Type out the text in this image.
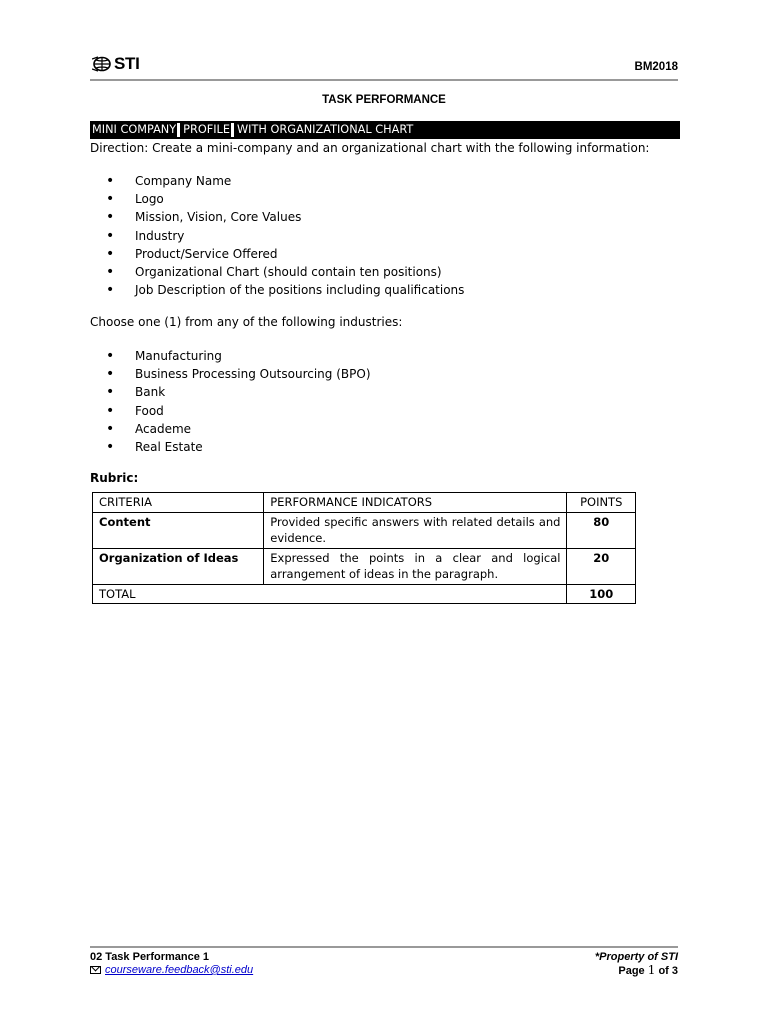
STI	BM2018
TASK PERFORMANCE
MINI COMPANY PROFILE WITH ORGANIZATIONAL CHART
Direction: Create a mini-company and an organizational chart with the following information:
• Company Name
• Logo
• Mission, Vision, Core Values
• Industry
• Product/Service Offered
• Organizational Chart (should contain ten positions)
• Job Description of the positions including qualifications
Choose one (1) from any of the following industries:
• Manufacturing
• Business Processing Outsourcing (BPO)
• Bank
• Food
• Academe
• Real Estate
Rubric:
CRITERIA	PERFORMANCE INDICATORS	POINTS
Content	Provided specific answers with related details and evidence.	80
Organization of Ideas	Expressed the points in a clear and logical arrangement of ideas in the paragraph.	20
TOTAL		100
02 Task Performance 1
courseware.feedback@sti.edu
*Property of STI
Page 1 of 3
